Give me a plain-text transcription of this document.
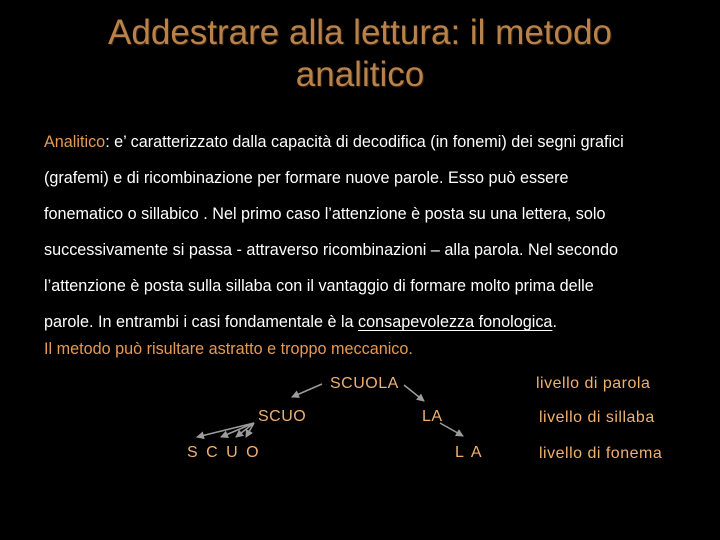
Addestrare alla lettura: il metodo
analitico
Analitico: e’ caratterizzato dalla capacità di decodifica (in fonemi) dei segni grafici
(grafemi) e di ricombinazione per formare nuove parole. Esso può essere
fonematico o sillabico . Nel primo caso l’attenzione è posta su una lettera, solo
successivamente si passa - attraverso ricombinazioni – alla parola. Nel secondo
l’attenzione è posta sulla sillaba con il vantaggio di formare molto prima delle
parole. In entrambi i casi fondamentale è la consapevolezza fonologica.
Il metodo può risultare astratto e troppo meccanico.
SCUOLA
SCUO	LA
S C U O	L A
livello di parola
livello di sillaba
livello di fonema
